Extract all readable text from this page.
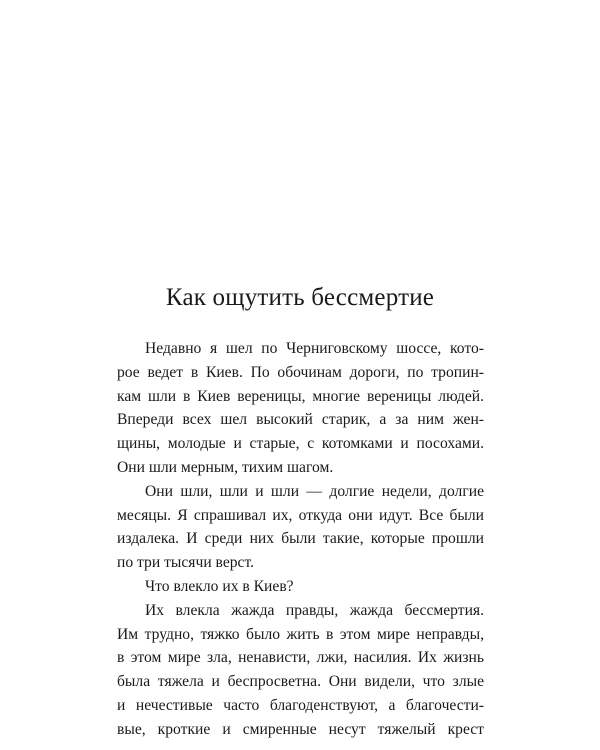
Как ощутить бессмертие
Недавно я шел по Черниговскому шоссе, кото-
рое ведет в Киев. По обочинам дороги, по тропин-
кам шли в Киев вереницы, многие вереницы людей.
Впереди всех шел высокий старик, а за ним жен-
щины, молодые и старые, с котомками и посохами.
Они шли мерным, тихим шагом.
Они шли, шли и шли — долгие недели, долгие
месяцы. Я спрашивал их, откуда они идут. Все были
издалека. И среди них были такие, которые прошли
по три тысячи верст.
Что влекло их в Киев?
Их влекла жажда правды, жажда бессмертия.
Им трудно, тяжко было жить в этом мире неправды,
в этом мире зла, ненависти, лжи, насилия. Их жизнь
была тяжела и беспросветна. Они видели, что злые
и нечестивые часто благоденствуют, а благочести-
вые, кроткие и смиренные несут тяжелый крест
